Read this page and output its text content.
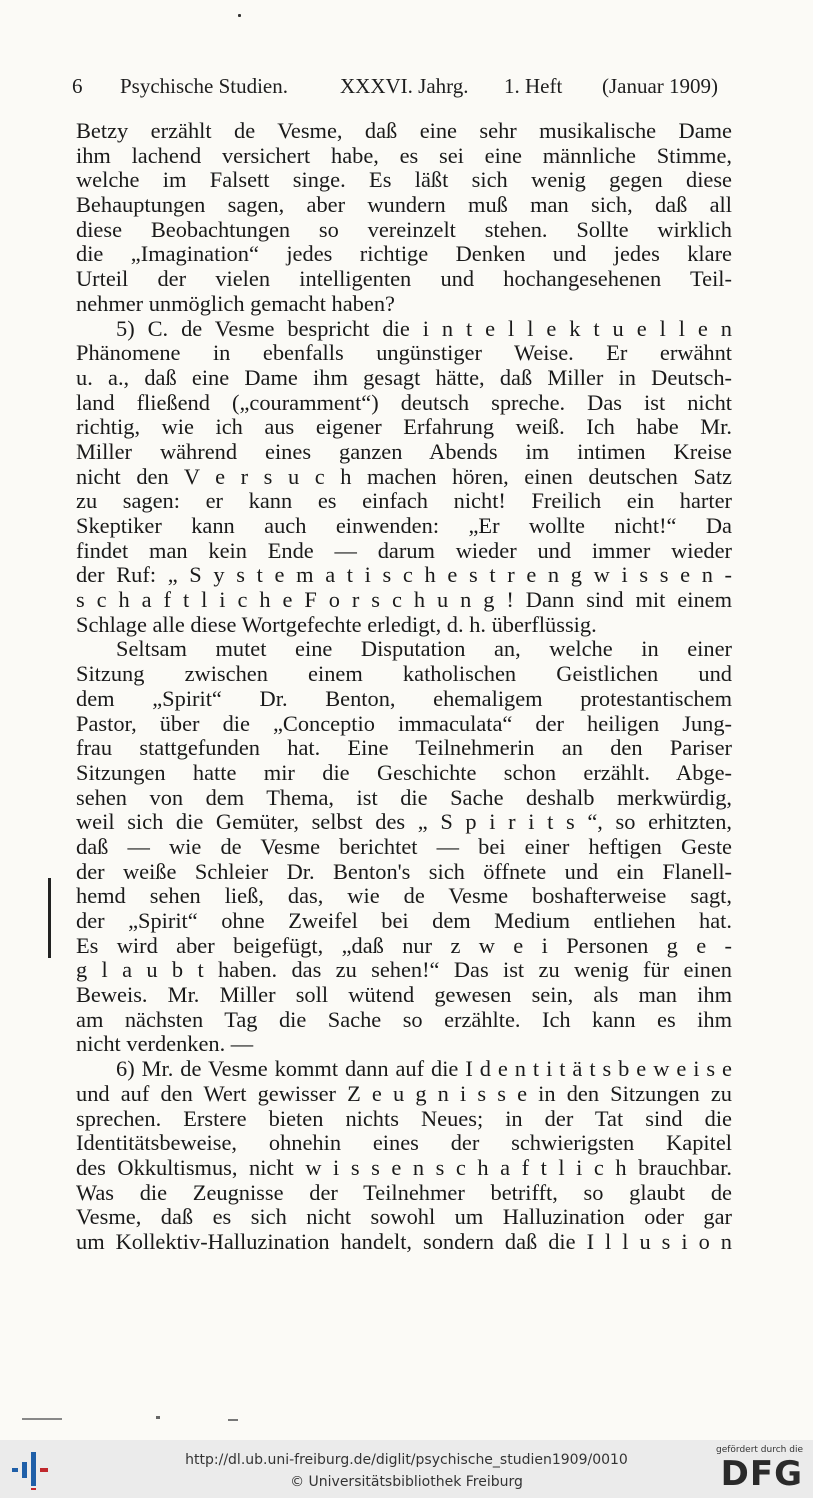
6 Psychische Studien. XXXVI. Jahrg. 1. Heft (Januar 1909)
Betzy erzählt de Vesme, daß eine sehr musikalische Dame
ihm lachend versichert habe, es sei eine männliche Stimme,
welche im Falsett singe. Es läßt sich wenig gegen diese
Behauptungen sagen, aber wundern muß man sich, daß all
diese Beobachtungen so vereinzelt stehen. Sollte wirklich
die „Imagination“ jedes richtige Denken und jedes klare
Urteil der vielen intelligenten und hochangesehenen Teil-
nehmer unmöglich gemacht haben?
5) C. de Vesme bespricht die i n t e l l e k t u e l l e n
Phänomene in ebenfalls ungünstiger Weise. Er erwähnt
u. a., daß eine Dame ihm gesagt hätte, daß Miller in Deutsch-
land fließend („couramment“) deutsch spreche. Das ist nicht
richtig, wie ich aus eigener Erfahrung weiß. Ich habe Mr.
Miller während eines ganzen Abends im intimen Kreise
nicht den V e r s u c h machen hören, einen deutschen Satz
zu sagen: er kann es einfach nicht! Freilich ein harter
Skeptiker kann auch einwenden: „Er wollte nicht!“ Da
findet man kein Ende — darum wieder und immer wieder
der Ruf: „ S y s t e m a t i s c h e s t r e n g w i s s e n -
s c h a f t l i c h e F o r s c h u n g ! Dann sind mit einem
Schlage alle diese Wortgefechte erledigt, d. h. überflüssig.
Seltsam mutet eine Disputation an, welche in einer
Sitzung zwischen einem katholischen Geistlichen und
dem „Spirit“ Dr. Benton, ehemaligem protestantischem
Pastor, über die „Conceptio immaculata“ der heiligen Jung-
frau stattgefunden hat. Eine Teilnehmerin an den Pariser
Sitzungen hatte mir die Geschichte schon erzählt. Abge-
sehen von dem Thema, ist die Sache deshalb merkwürdig,
weil sich die Gemüter, selbst des „ S p i r i t s “, so erhitzten,
daß — wie de Vesme berichtet — bei einer heftigen Geste
der weiße Schleier Dr. Benton's sich öffnete und ein Flanell-
hemd sehen ließ, das, wie de Vesme boshafterweise sagt,
der „Spirit“ ohne Zweifel bei dem Medium entliehen hat.
Es wird aber beigefügt, „daß nur z w e i Personen g e -
g l a u b t haben. das zu sehen!“ Das ist zu wenig für einen
Beweis. Mr. Miller soll wütend gewesen sein, als man ihm
am nächsten Tag die Sache so erzählte. Ich kann es ihm
nicht verdenken. —
6) Mr. de Vesme kommt dann auf die I d e n t i t ä t s b e w e i s e
und auf den Wert gewisser Z e u g n i s s e in den Sitzungen zu
sprechen. Erstere bieten nichts Neues; in der Tat sind die
Identitätsbeweise, ohnehin eines der schwierigsten Kapitel
des Okkultismus, nicht w i s s e n s c h a f t l i c h brauchbar.
Was die Zeugnisse der Teilnehmer betrifft, so glaubt de
Vesme, daß es sich nicht sowohl um Halluzination oder gar
um Kollektiv-Halluzination handelt, sondern daß die I l l u s i o n
http://dl.ub.uni-freiburg.de/diglit/psychische_studien1909/0010
© Universitätsbibliothek Freiburg
gefördert durch die
DFG
